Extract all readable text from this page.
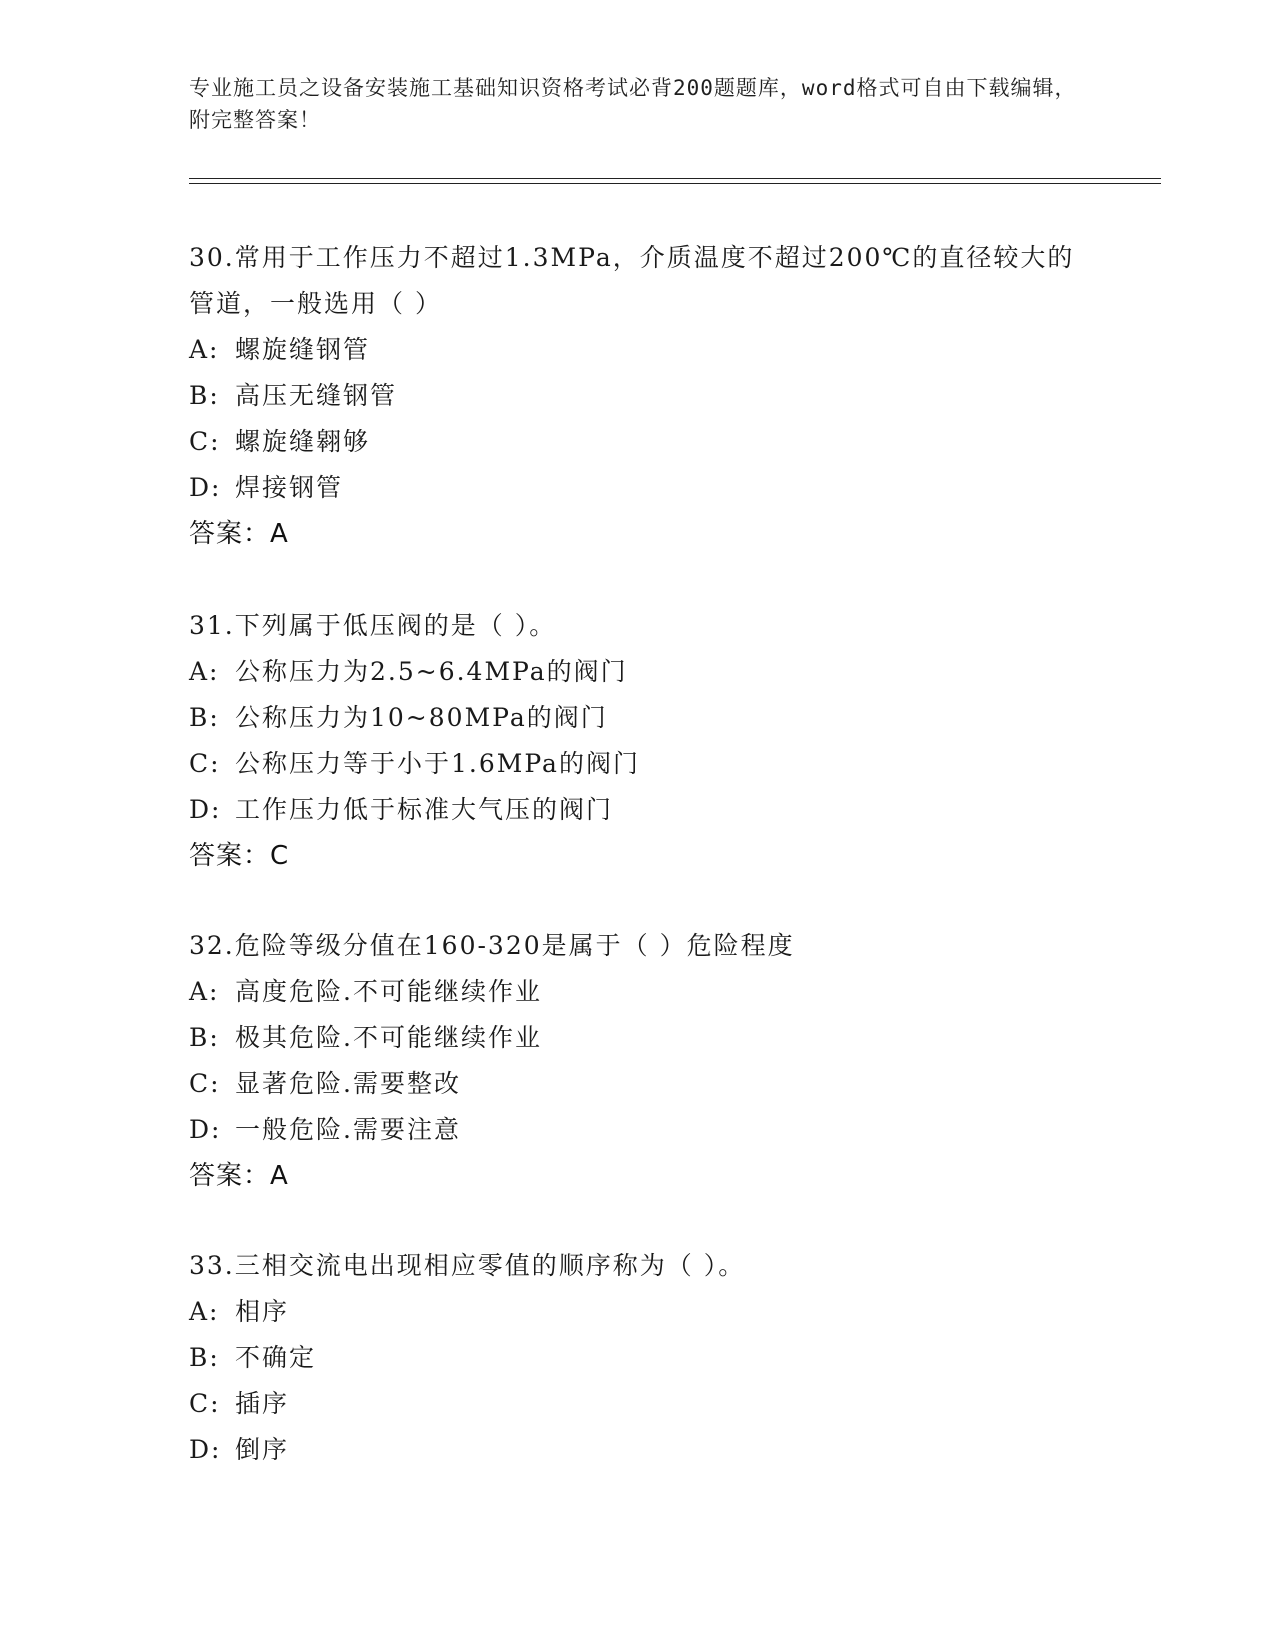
专业施工员之设备安装施工基础知识资格考试必背200题题库，word格式可自由下载编辑，附完整答案！

30.常用于工作压力不超过1.3MPa，介质温度不超过200℃的直径较大的管道，一般选用（ ）

A: 螺旋缝钢管

B: 高压无缝钢管

C: 螺旋缝翱够

D: 焊接钢管

答案：A

31.下列属于低压阀的是（ ）。

A: 公称压力为2.5~6.4MPa的阀门

B: 公称压力为10~80MPa的阀门

C: 公称压力等于小于1.6MPa的阀门

D: 工作压力低于标准大气压的阀门

答案：C

32.危险等级分值在160-320是属于（ ）危险程度

A: 高度危险.不可能继续作业

B: 极其危险.不可能继续作业

C: 显著危险.需要整改

D: 一般危险.需要注意

答案：A

33.三相交流电出现相应零值的顺序称为（ ）。

A: 相序

B: 不确定

C: 插序

D: 倒序
